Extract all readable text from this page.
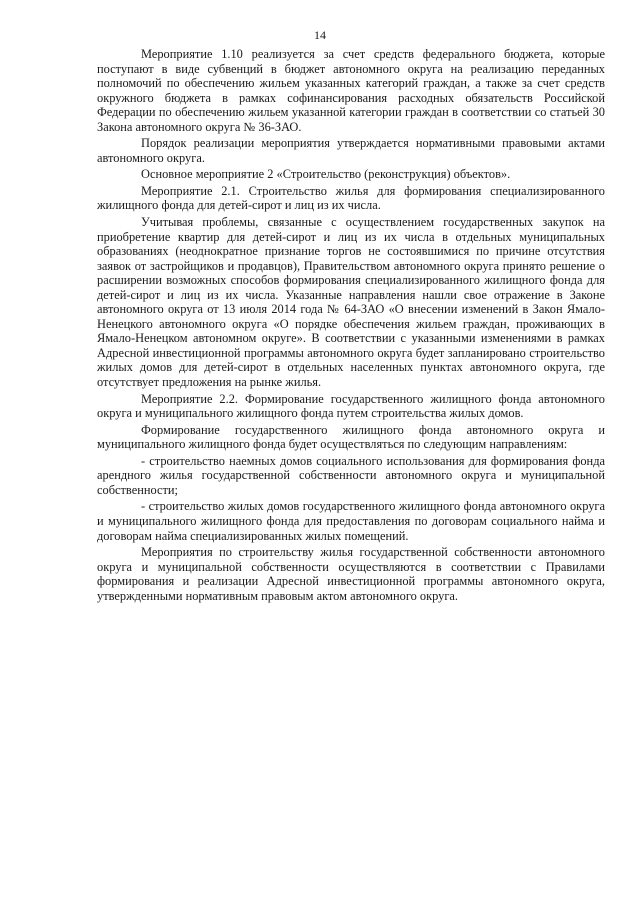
14

Мероприятие 1.10 реализуется за счет средств федерального бюджета, которые поступают в виде субвенций в бюджет автономного округа на реализацию переданных полномочий по обеспечению жильем указанных категорий граждан, а также за счет средств окружного бюджета в рамках софинансирования расходных обязательств Российской Федерации по обеспечению жильем указанной категории граждан в соответствии со статьей 30 Закона автономного округа № 36-ЗАО.

Порядок реализации мероприятия утверждается нормативными правовыми актами автономного округа.

Основное мероприятие 2 «Строительство (реконструкция) объектов».

Мероприятие 2.1. Строительство жилья для формирования специализированного жилищного фонда для детей-сирот и лиц из их числа.

Учитывая проблемы, связанные с осуществлением государственных закупок на приобретение квартир для детей-сирот и лиц из их числа в отдельных муниципальных образованиях (неоднократное признание торгов не состоявшимися по причине отсутствия заявок от застройщиков и продавцов), Правительством автономного округа принято решение о расширении возможных способов формирования специализированного жилищного фонда для детей-сирот и лиц из их числа. Указанные направления нашли свое отражение в Законе автономного округа от 13 июля 2014 года № 64-ЗАО «О внесении изменений в Закон Ямало-Ненецкого автономного округа «О порядке обеспечения жильем граждан, проживающих в Ямало-Ненецком автономном округе». В соответствии с указанными изменениями в рамках Адресной инвестиционной программы автономного округа будет запланировано строительство жилых домов для детей-сирот в отдельных населенных пунктах автономного округа, где отсутствует предложения на рынке жилья.

Мероприятие 2.2. Формирование государственного жилищного фонда автономного округа и муниципального жилищного фонда путем строительства жилых домов.

Формирование государственного жилищного фонда автономного округа и муниципального жилищного фонда будет осуществляться по следующим направлениям:

- строительство наемных домов социального использования для формирования фонда арендного жилья государственной собственности автономного округа и муниципальной собственности;

- строительство жилых домов государственного жилищного фонда автономного округа и муниципального жилищного фонда для предоставления по договорам социального найма и договорам найма специализированных жилых помещений.

Мероприятия по строительству жилья государственной собственности автономного округа и муниципальной собственности осуществляются в соответствии с Правилами формирования и реализации Адресной инвестиционной программы автономного округа, утвержденными нормативным правовым актом автономного округа.
